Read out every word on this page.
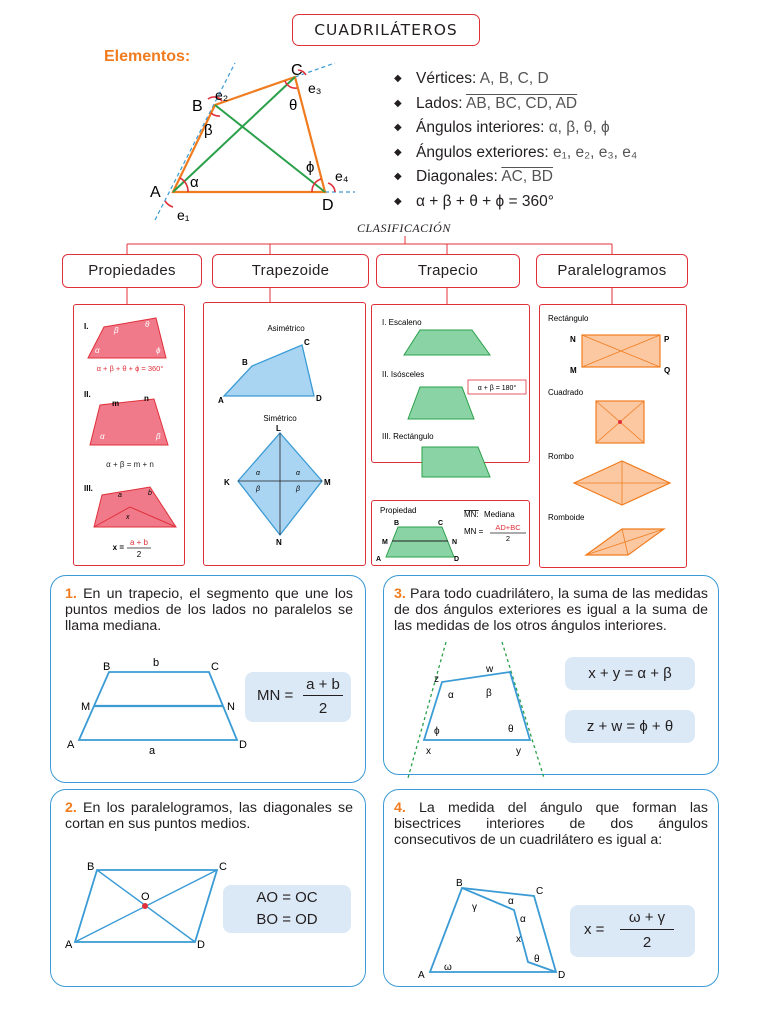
CUADRILÁTEROS
Elementos:
A
B
C
D
e₁
e₂	e₃
e₄
α
β
θ
ϕ
◆ Vértices: A, B, C, D
◆ Lados: AB, BC, CD, AD
◆ Ángulos interiores: α, β, θ, ϕ
◆ Ángulos exteriores: e₁, e₂, e₃, e₄
◆ Diagonales: AC, BD
◆ α + β + θ + ϕ = 360°
CLASIFICACIÓN
Propiedades	Trapezoide	Trapecio	Paralelogramos
I.
α
β
θ
ϕ
α + β + θ + ϕ = 360°
II.
m
n
α	β
α + β = m + n
III.
x
a	b
x =
a + b
2
Asimétrico
B
C
A	D
Simétrico
L
K	M
N
α	α
β	β
I. Escaleno
II. Isósceles
α + β = 180°
III. Rectángulo
Propiedad
B	C
M	N
A	D
MN: Mediana
MN = AD+BC
2
Rectángulo
N	P
M	Q
Cuadrado
Rombo
Romboide
1. En un trapecio, el segmento que une los puntos medios de los lados no paralelos se llama mediana.
B	b	C
M	N
A	a	D
MN =
a + b
2
2. En los paralelogramos, las diagonales se cortan en sus puntos medios.
B	C
O
A	D
AO = OC
BO = OD
3. Para todo cuadrilátero, la suma de las medidas de dos ángulos exteriores es igual a la suma de las medidas de los otros ángulos interiores.
α	β
θ
ϕ
z
w
x	y
x + y = α + β
z + w = ϕ + θ
4. La medida del ángulo que forman las bisectrices interiores de dos ángulos consecutivos de un cuadrilátero es igual a:
B
C
A	D
γ
α
α
x
ω
θ
x =
ω + γ
2
